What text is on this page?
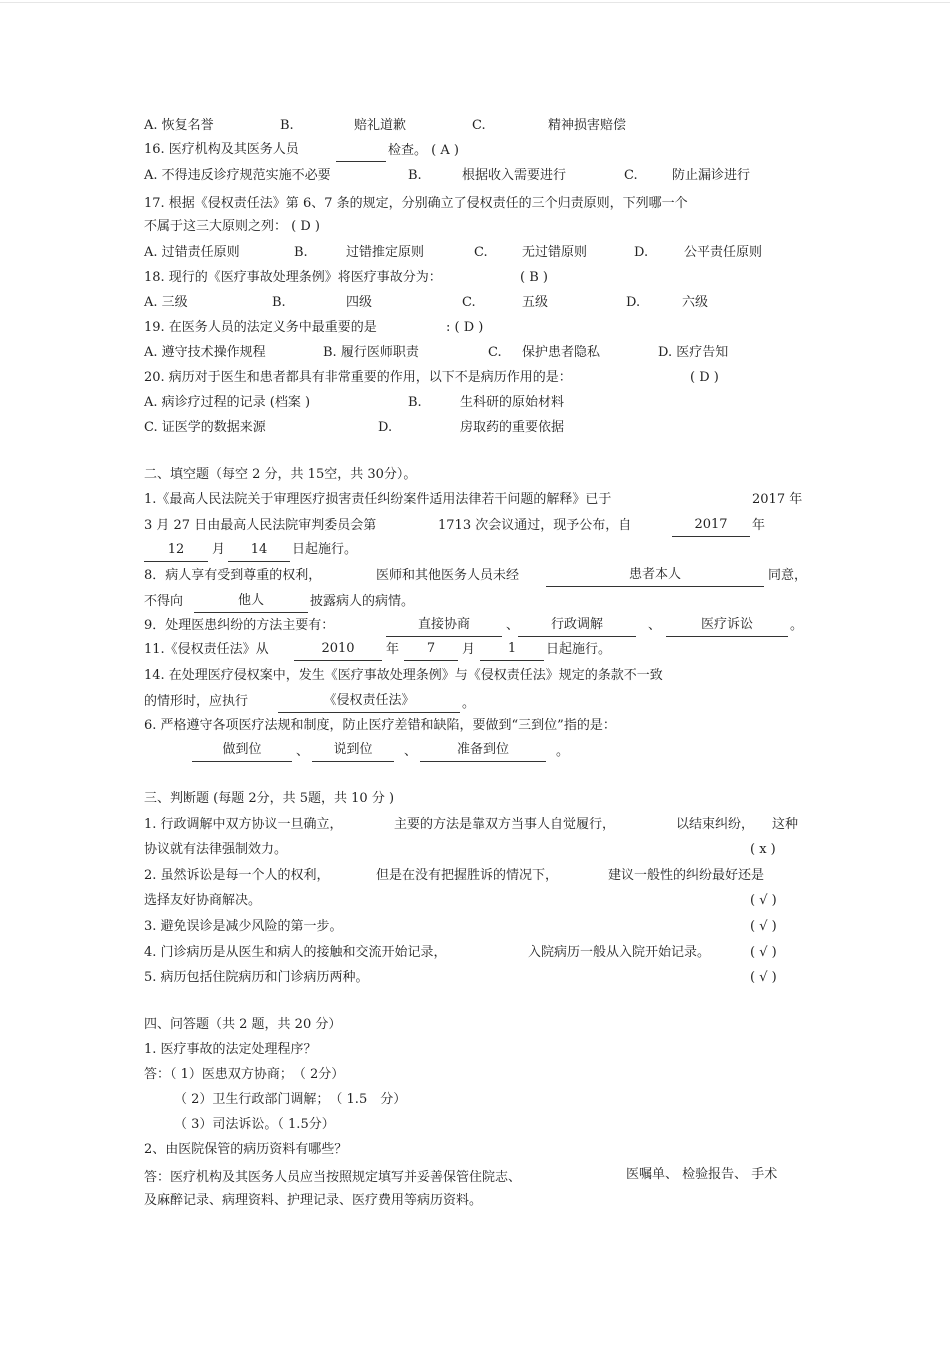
A. 恢复名誉	B.	赔礼道歉	C.	精神损害赔偿
16. 医疗机构及其医务人员	检查。 ( A )
A. 不得违反诊疗规范实施不必要	B.	根据收入需要进行	C.	防止漏诊进行
17. 根据《侵权责任法》第 6、7 条的规定，分别确立了侵权责任的三个归责原则，下列哪一个
不属于这三大原则之列： ( D )
A. 过错责任原则	B.	过错推定原则	C.	无过错原则	D.	公平责任原则
18. 现行的《医疗事故处理条例》将医疗事故分为：	( B )
A. 三级	B.	四级	C.	五级	D.	六级
19. 在医务人员的法定义务中最重要的是	: ( D )
A. 遵守技术操作规程	B. 履行医师职责	C. 保护患者隐私	D. 医疗告知
20. 病历对于医生和患者都具有非常重要的作用，以下不是病历作用的是：	( D )
A. 病诊疗过程的记录 (档案 )	B.	生科研的原始材料
C. 证医学的数据来源	D.	房取药的重要依据
二、填空题（每空 2 分，共 15空，共 30分）。
1.《最高人民法院关于审理医疗损害责任纠纷案件适用法律若干问题的解释》已于	2017 年
3 月 27 日由最高人民法院审判委员会第	1713 次会议通过，现予公布，自	2017	年
12	月	14	日起施行。
8．病人享有受到尊重的权利，	医师和其他医务人员未经	患者本人	同意，
不得向	他人	披露病人的病情。
9．处理医患纠纷的方法主要有：	直接协商	、	行政调解	、	医疗诉讼	。
11.《侵权责任法》从	2010	年	7	月	1	日起施行。
14. 在处理医疗侵权案中，发生《医疗事故处理条例》与《侵权责任法》规定的条款不一致
的情形时，应执行	《侵权责任法》	。
6. 严格遵守各项医疗法规和制度，防止医疗差错和缺陷，要做到“三到位”指的是：
做到位	、	说到位	、	准备到位	。
三、判断题 (每题 2分，共 5题，共 10 分 )
1. 行政调解中双方协议一旦确立，	主要的方法是靠双方当事人自觉履行，	以结束纠纷， 这种
协议就有法律强制效力。	( x )
2. 虽然诉讼是每一个人的权利，	但是在没有把握胜诉的情况下，	建议一般性的纠纷最好还是
选择友好协商解决。	( √ )
3. 避免误诊是减少风险的第一步。	( √ )
4. 门诊病历是从医生和病人的接触和交流开始记录，	入院病历一般从入院开始记录。	( √ )
5. 病历包括住院病历和门诊病历两种。	( √ )
四、问答题（共 2 题，共 20 分）
1. 医疗事故的法定处理程序？
答：（ 1）医患双方协商；　（ 2分）
（ 2）卫生行政部门调解；　（ 1.5　分）
（ 3）司法诉讼。（ 1.5分）
2、由医院保管的病历资料有哪些？
答：医疗机构及其医务人员应当按照规定填写并妥善保管住院志、	医嘱单、 检验报告、 手术
及麻醉记录、病理资料、护理记录、医疗费用等病历资料。
